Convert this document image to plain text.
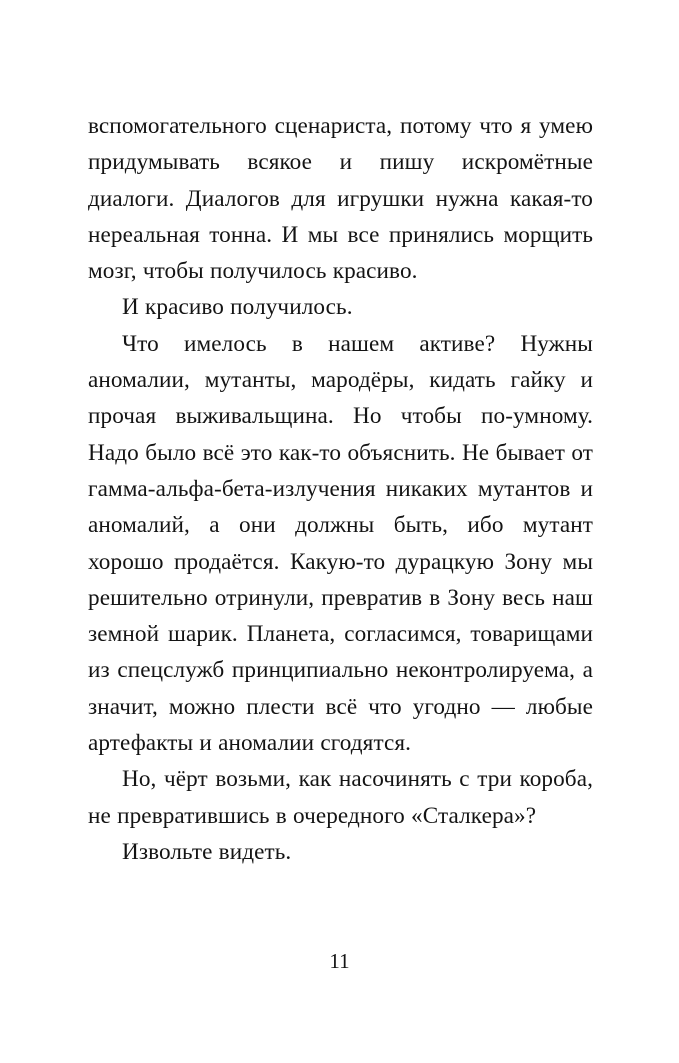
вспомогательного сценариста, потому что я умею придумывать всякое и пишу искромётные диалоги. Диалогов для игрушки нужна какая-то нереальная тонна. И мы все принялись морщить мозг, чтобы получилось красиво.

И красиво получилось.

Что имелось в нашем активе? Нужны аномалии, мутанты, мародёры, кидать гайку и прочая выживальщина. Но чтобы по-умному. Надо было всё это как-то объяснить. Не бывает от гамма-альфа-бета-излучения никаких мутантов и аномалий, а они должны быть, ибо мутант хорошо продаётся. Какую-то дурацкую Зону мы решительно отринули, превратив в Зону весь наш земной шарик. Планета, согласимся, товарищами из спецслужб принципиально неконтролируема, а значит, можно плести всё что угодно — любые артефакты и аномалии сгодятся.

Но, чёрт возьми, как насочинять с три короба, не превратившись в очередного «Сталкера»?

Извольте видеть.

11
